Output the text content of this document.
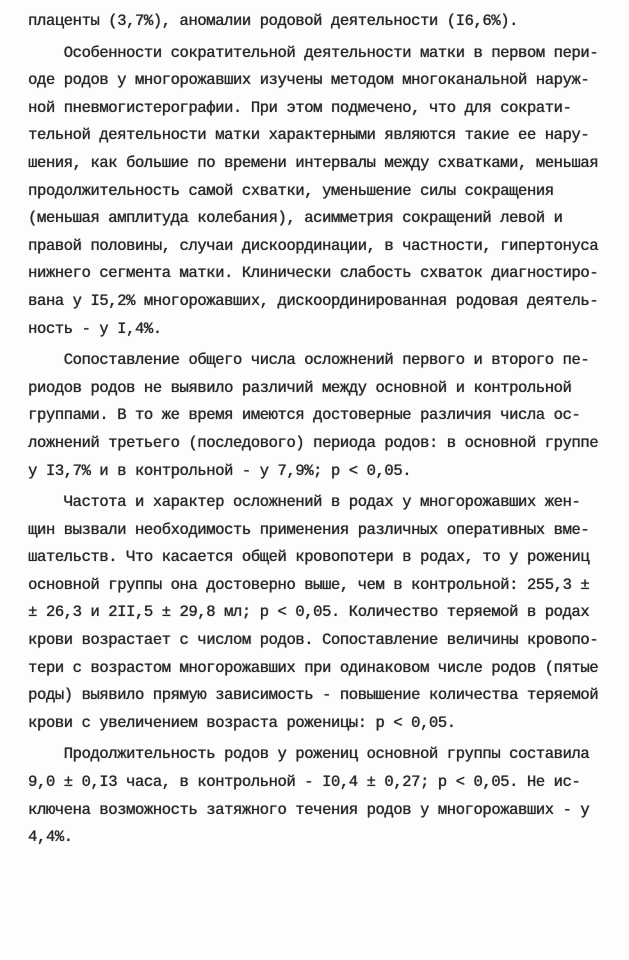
плаценты (3,7%), аномалии родовой деятельности (I6,6%).
Особенности сократительной деятельности матки в первом пери-
оде родов у многорожавших изучены методом многоканальной наруж-
ной пневмогистерографии. При этом подмечено, что для сократи-
тельной деятельности матки характерными являются такие ее нару-
шения, как большие по времени интервалы между схватками, меньшая
продолжительность самой схватки, уменьшение силы сокращения
(меньшая амплитуда колебания), асимметрия сокращений левой и
правой половины, случаи дискоординации, в частности, гипертонуса
нижнего сегмента матки. Клинически слабость схваток диагностиро-
вана у I5,2% многорожавших, дискоординированная родовая деятель-
ность - у I,4%.
Сопоставление общего числа осложнений первого и второго пе-
риодов родов не выявило различий между основной и контрольной
группами. В то же время имеются достоверные различия числа ос-
ложнений третьего (последового) периода родов: в основной группе
у I3,7% и в контрольной - у 7,9%; p < 0,05.
Частота и характер осложнений в родах у многорожавших жен-
щин вызвали необходимость применения различных оперативных вме-
шательств. Что касается общей кровопотери в родах, то у рожениц
основной группы она достоверно выше, чем в контрольной: 255,3 ±
± 26,3 и 2II,5 ± 29,8 мл; p < 0,05. Количество теряемой в родах
крови возрастает с числом родов. Сопоставление величины кровопо-
тери с возрастом многорожавших при одинаковом числе родов (пятые
роды) выявило прямую зависимость - повышение количества теряемой
крови с увеличением возраста роженицы: p < 0,05.
Продолжительность родов у рожениц основной группы составила
9,0 ± 0,I3 часа, в контрольной - I0,4 ± 0,27; p < 0,05. Не ис-
ключена возможность затяжного течения родов у многорожавших - у
4,4%.
